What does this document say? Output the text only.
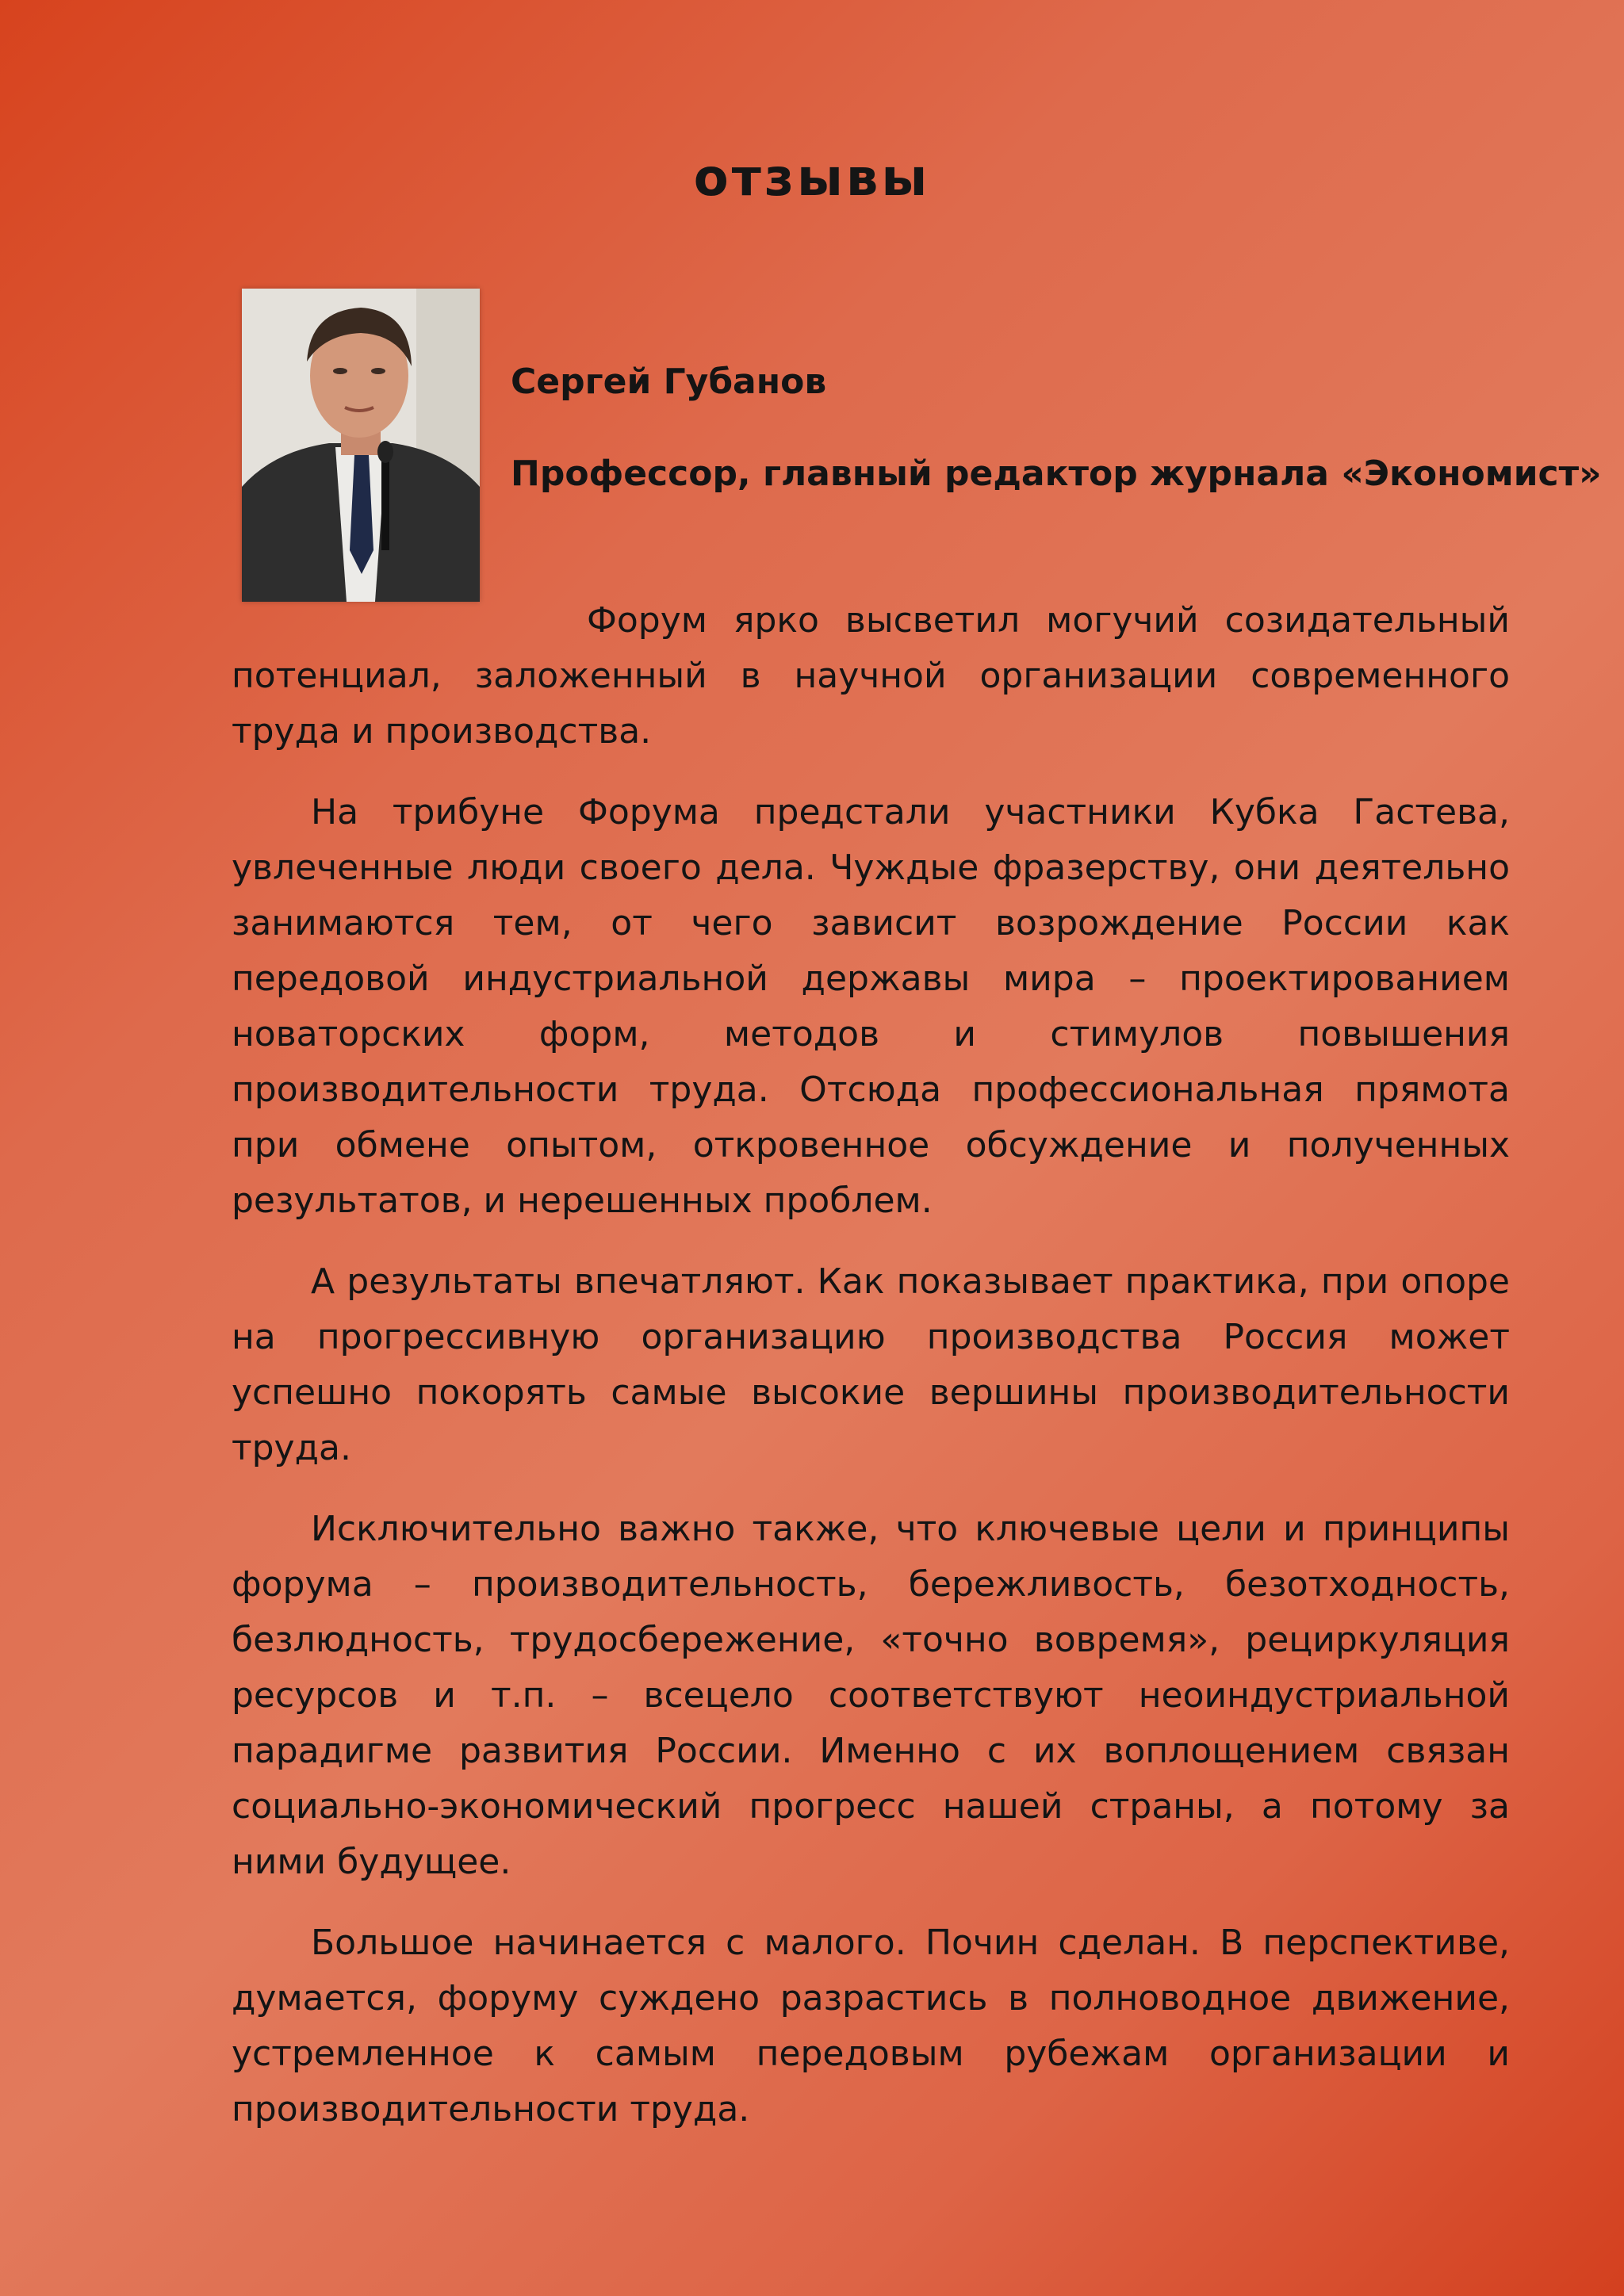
отзывы
Сергей Губанов
Профессор, главный редактор журнала «Экономист»

Форум ярко высветил могучий созидательный потенциал, заложенный в научной организации современного труда и производства.

На трибуне Форума предстали участники Кубка Гастева, увлеченные люди своего дела. Чуждые фразерству, они деятельно занимаются тем, от чего зависит возрождение России как передовой индустриальной державы мира – проектированием новаторских форм, методов и стимулов повышения производительности труда. Отсюда профессиональная прямота при обмене опытом, откровенное обсуждение и полученных результатов, и нерешенных проблем.

А результаты впечатляют. Как показывает практика, при опоре на прогрессивную организацию производства Россия может успешно покорять самые высокие вершины производительности труда.

Исключительно важно также, что ключевые цели и принципы форума – производительность, бережливость, безотходность, безлюдность, трудосбережение, «точно вовремя», рециркуляция ресурсов и т.п. – всецело соответствуют неоиндустриальной парадигме развития России. Именно с их воплощением связан социально-экономический прогресс нашей страны, а потому за ними будущее.

Большое начинается с малого. Почин сделан. В перспективе, думается, форуму суждено разрастись в полноводное движение, устремленное к самым передовым рубежам организации и производительности труда.
